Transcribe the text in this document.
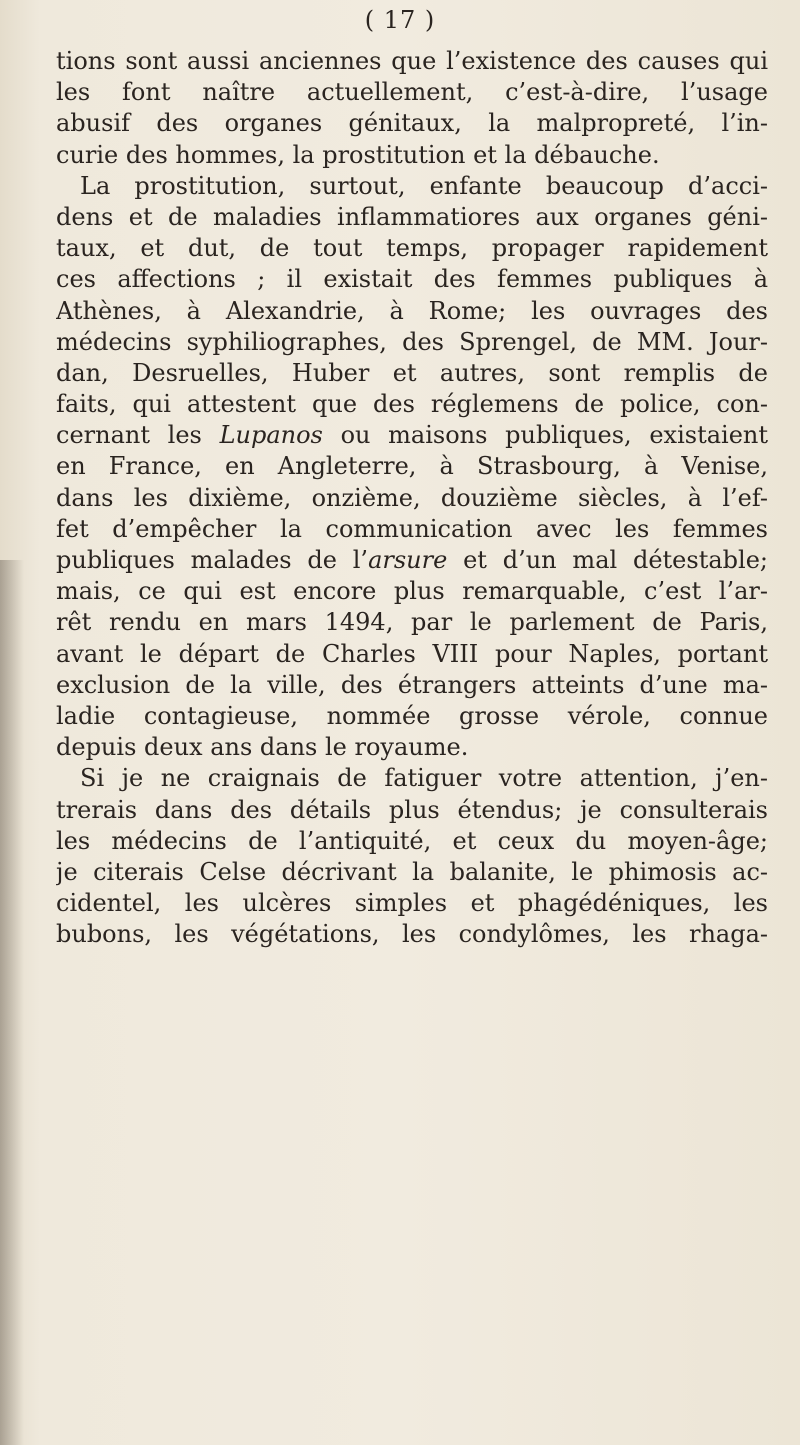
( 17 )
tions sont aussi anciennes que l’existence des causes qui
les font naître actuellement, c’est-à-dire, l’usage
abusif des organes génitaux, la malpropreté, l’in-
curie des hommes, la prostitution et la débauche.
La prostitution, surtout, enfante beaucoup d’acci-
dens et de maladies inflammatiores aux organes géni-
taux, et dut, de tout temps, propager rapidement
ces affections ; il existait des femmes publiques à
Athènes, à Alexandrie, à Rome; les ouvrages des
médecins syphiliographes, des Sprengel, de MM. Jour-
dan, Desruelles, Huber et autres, sont remplis de
faits, qui attestent que des réglemens de police, con-
cernant les Lupanos ou maisons publiques, existaient
en France, en Angleterre, à Strasbourg, à Venise,
dans les dixième, onzième, douzième siècles, à l’ef-
fet d’empêcher la communication avec les femmes
publiques malades de l’arsure et d’un mal détestable;
mais, ce qui est encore plus remarquable, c’est l’ar-
rêt rendu en mars 1494, par le parlement de Paris,
avant le départ de Charles VIII pour Naples, portant
exclusion de la ville, des étrangers atteints d’une ma-
ladie contagieuse, nommée grosse vérole, connue
depuis deux ans dans le royaume.
Si je ne craignais de fatiguer votre attention, j’en-
trerais dans des détails plus étendus; je consulterais
les médecins de l’antiquité, et ceux du moyen-âge;
je citerais Celse décrivant la balanite, le phimosis ac-
cidentel, les ulcères simples et phagédéniques, les
bubons, les végétations, les condylômes, les rhaga-
